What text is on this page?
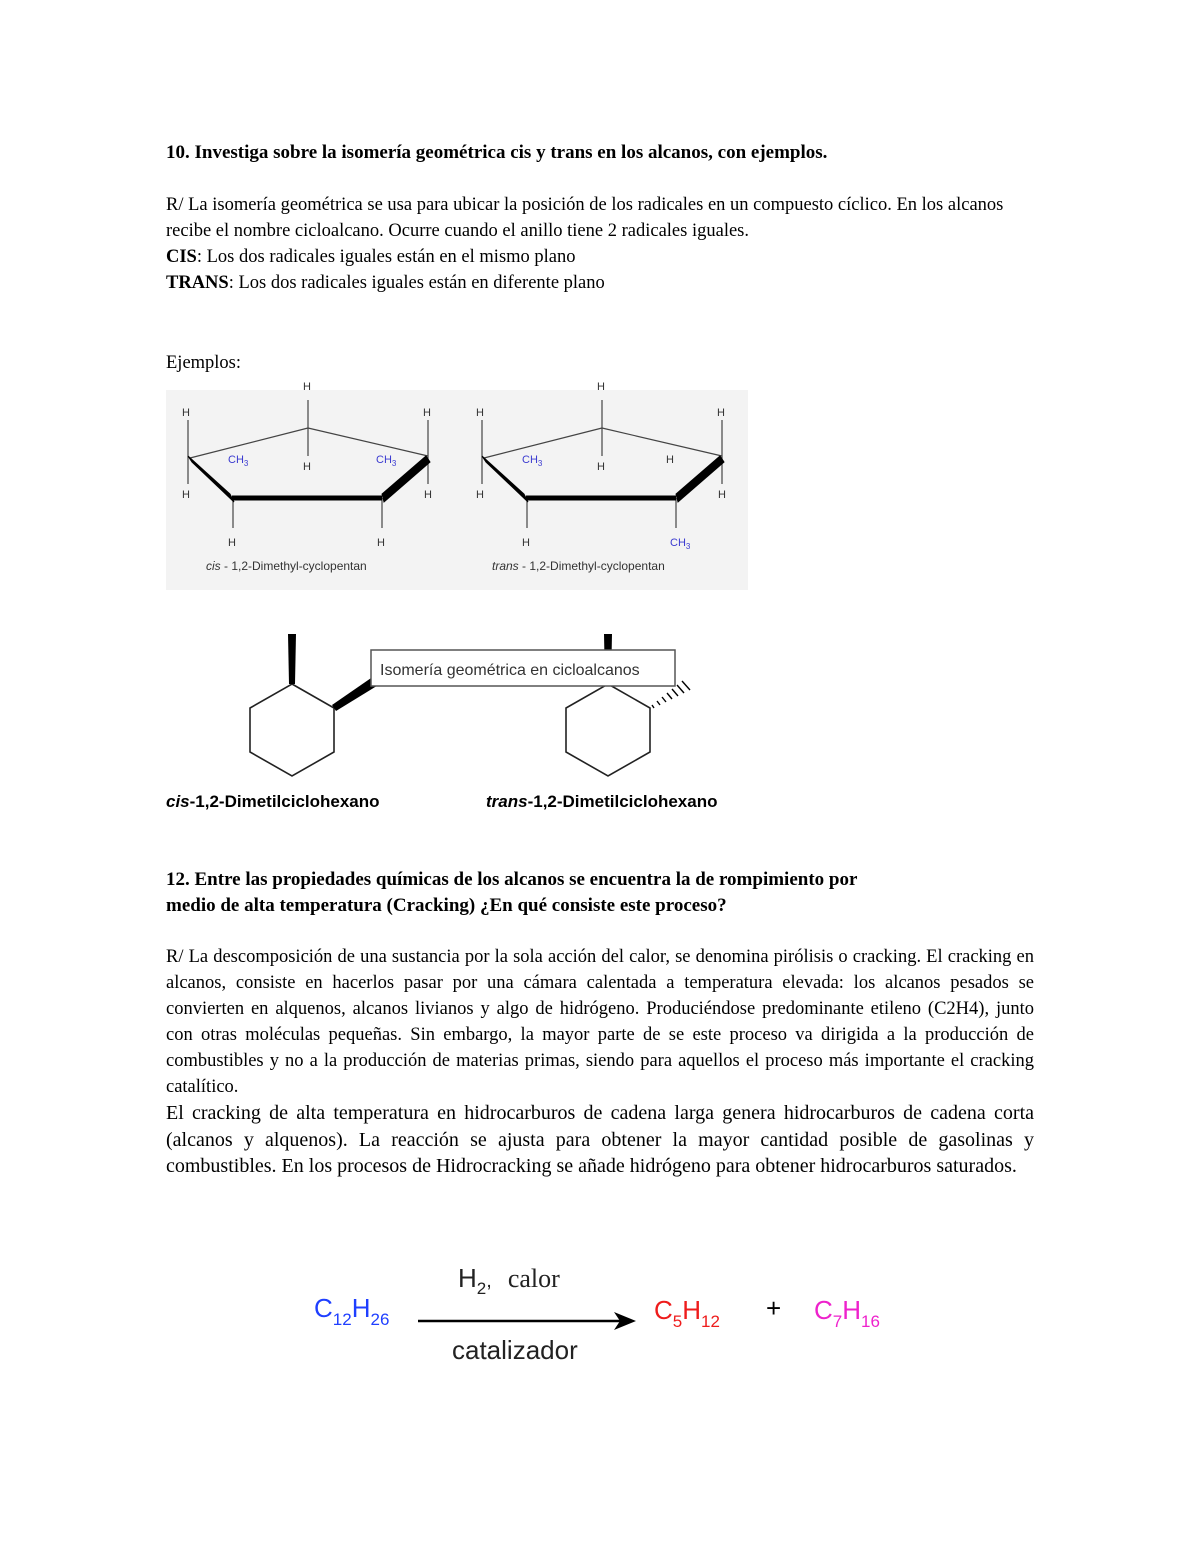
10. Investiga sobre la isomería geométrica cis y trans en los alcanos, con ejemplos.

R/ La isomería geométrica se usa para ubicar la posición de los radicales en un compuesto cíclico. En los alcanos recibe el nombre cicloalcano. Ocurre cuando el anillo tiene 2 radicales iguales.

CIS: Los dos radicales iguales están en el mismo plano

TRANS: Los dos radicales iguales están en diferente plano

Ejemplos:

H
H	H
H
H	H
H	H
H
H	H
H
H
H	H
H
$CH_3$	$CH_3$	$CH_3$
$CH_3$
cis - 1,2-Dimethyl-cyclopentan	trans - 1,2-Dimethyl-cyclopentan
Isomería geométrica en cicloalcanos
cis-1,2-Dimetilciclohexano	trans-1,2-Dimetilciclohexano

12. Entre las propiedades químicas de los alcanos se encuentra la de rompimiento por

medio de alta temperatura (Cracking) ¿En qué consiste este proceso?

R/ La descomposición de una sustancia por la sola acción del calor, se denomina pirólisis o cracking. El cracking en alcanos, consiste en hacerlos pasar por una cámara calentada a temperatura elevada: los alcanos pesados se convierten en alquenos, alcanos livianos y algo de hidrógeno. Produciéndose predominante etileno (C2H4), junto con otras moléculas pequeñas. Sin embargo, la mayor parte de se este proceso va dirigida a la producción de combustibles y no a la producción de materias primas, siendo para aquellos el proceso más importante el cracking catalítico.

El cracking de alta temperatura en hidrocarburos de cadena larga genera hidrocarburos de cadena corta (alcanos y alquenos). La reacción se ajusta para obtener la mayor cantidad posible de gasolinas y combustibles. En los procesos de Hidrocracking se añade hidrógeno para obtener hidrocarburos saturados.

$C_{12}H_{26}$
H2, calor
catalizador
$C_5H_{12} + C_7H_{16}$
